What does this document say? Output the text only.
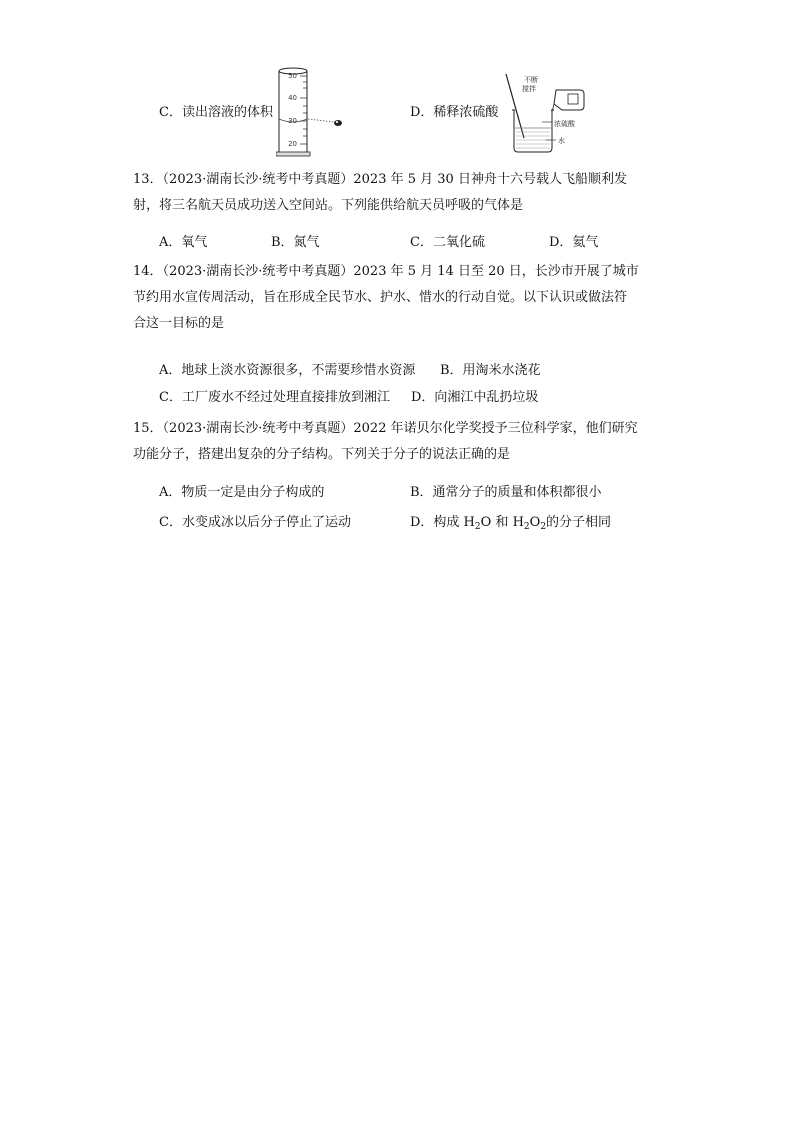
C．读出溶液的体积
50
40
30
20
D．稀释浓硫酸
不断
搅拌
浓硫酸
水
13．（2023·湖南长沙·统考中考真题）2023 年 5 月 30 日神舟十六号载人飞船顺利发
射，将三名航天员成功送入空间站。下列能供给航天员呼吸的气体是
A．氧气	B．氮气	C．二氧化硫	D．氦气
14．（2023·湖南长沙·统考中考真题）2023 年 5 月 14 日至 20 日，长沙市开展了城市
节约用水宣传周活动，旨在形成全民节水、护水、惜水的行动自觉。以下认识或做法符
合这一目标的是
A．地球上淡水资源很多，不需要珍惜水资源 B．用淘米水浇花
C．工厂废水不经过处理直接排放到湘江 D．向湘江中乱扔垃圾
15．（2023·湖南长沙·统考中考真题）2022 年诺贝尔化学奖授予三位科学家，他们研究
功能分子，搭建出复杂的分子结构。下列关于分子的说法正确的是
A．物质一定是由分子构成的	B．通常分子的质量和体积都很小
C．水变成冰以后分子停止了运动	D．构成 $H_2O$ 和 $H_2O_2$的分子相同
